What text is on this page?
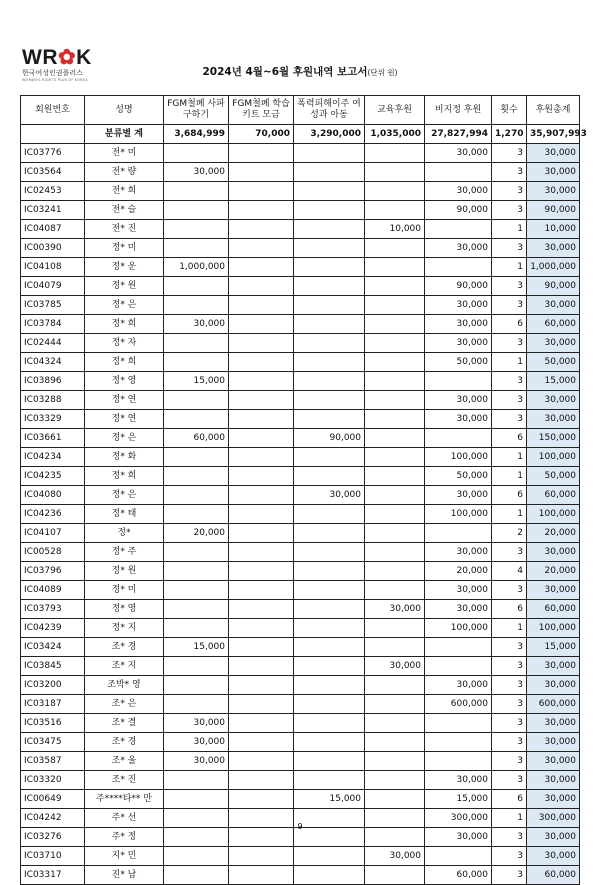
WR✿K
한국여성인권플러스
WOMEN'S RIGHTS PLUS OF KOREA
2024년 4월~6월 후원내역 보고서(단위 원)
회원번호	성명	FGM철폐 사파구하기	FGM철폐 학습키트 모금	폭력피해이주 여성과 아동	교육후원	비지정 후원	횟수	후원총계
	분류별 계	3,684,999	70,000	3,290,000	1,035,000	27,827,994	1,270	35,907,993
IC03776	전* 미					30,000	3	30,000
IC03564	전* 량	30,000					3	30,000
IC02453	전* 희					30,000	3	30,000
IC03241	전* 슬					90,000	3	90,000
IC04087	전* 진				10,000		1	10,000
IC00390	정* 미					30,000	3	30,000
IC04108	정* 운	1,000,000					1	1,000,000
IC04079	정* 원					90,000	3	90,000
IC03785	정* 은					30,000	3	30,000
IC03784	정* 희	30,000				30,000	6	60,000
IC02444	정* 자					30,000	3	30,000
IC04324	정* 희					50,000	1	50,000
IC03896	정* 영	15,000					3	15,000
IC03288	정* 연					30,000	3	30,000
IC03329	정* 연					30,000	3	30,000
IC03661	정* 은	60,000		90,000			6	150,000
IC04234	정* 화					100,000	1	100,000
IC04235	정* 희					50,000	1	50,000
IC04080	정* 은			30,000		30,000	6	60,000
IC04236	정* 태					100,000	1	100,000
IC04107	정*	20,000					2	20,000
IC00528	정* 주					30,000	3	30,000
IC03796	정* 원					20,000	4	20,000
IC04089	정* 미					30,000	3	30,000
IC03793	정* 영				30,000	30,000	6	60,000
IC04239	정* 지					100,000	1	100,000
IC03424	조* 경	15,000					3	15,000
IC03845	조* 지				30,000		3	30,000
IC03200	조박* 영					30,000	3	30,000
IC03187	조* 은					600,000	3	600,000
IC03516	조* 결	30,000					3	30,000
IC03475	조* 경	30,000					3	30,000
IC03587	조* 울	30,000					3	30,000
IC03320	조* 진					30,000	3	30,000
IC00649	주****타** 만			15,000		15,000	6	30,000
IC04242	주* 선					300,000	1	300,000
IC03276	주* 정					30,000	3	30,000
IC03710	지* 민				30,000		3	30,000
IC03317	진* 남					60,000	3	60,000
9
